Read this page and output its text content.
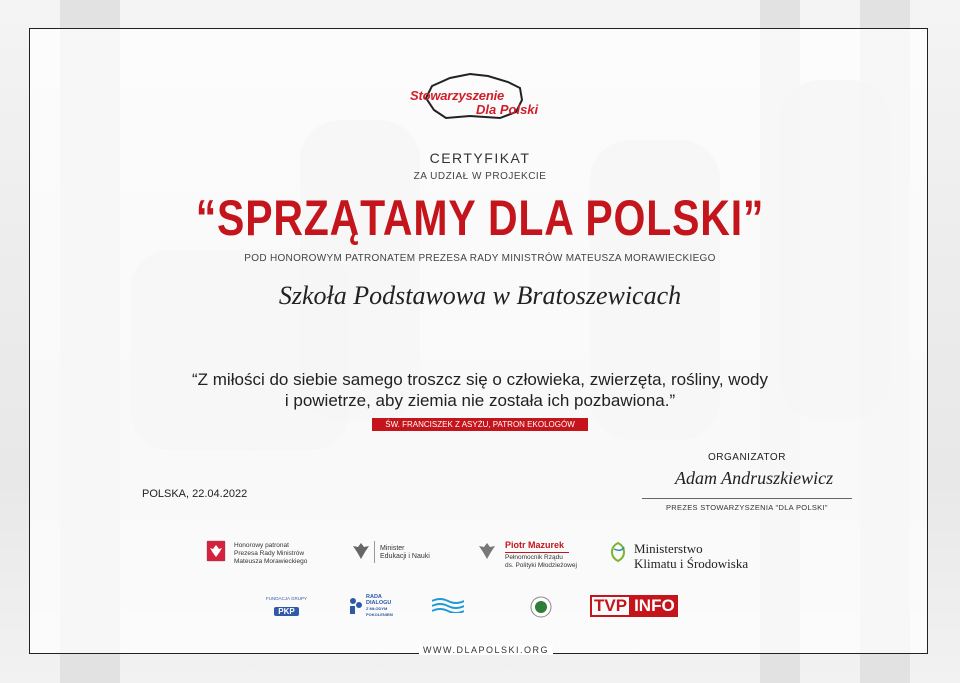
Stowarzyszenie
Dla Polski
CERTYFIKAT
ZA UDZIAŁ W PROJEKCIE
“SPRZĄTAMY DLA POLSKI”
POD HONOROWYM PATRONATEM PREZESA RADY MINISTRÓW MATEUSZA MORAWIECKIEGO
Szkoła Podstawowa w Bratoszewicach
“Z miłości do siebie samego troszcz się o człowieka, zwierzęta, rośliny, wody
i powietrze, aby ziemia nie została ich pozbawiona.”
ŚW. FRANCISZEK Z ASYŻU, PATRON EKOLOGÓW
ORGANIZATOR
Adam Andruszkiewicz
PREZES STOWARZYSZENIA "DLA POLSKI"
POLSKA, 22.04.2022
Honorowy patronat
Prezesa Rady Ministrów
Mateusza Morawieckiego
Minister
Edukacji i Nauki
Piotr Mazurek
Pełnomocnik Rządu
ds. Polityki Młodzieżowej
Ministerstwo
Klimatu i Środowiska
FUNDACJA GRUPY
PKP
RADA
DIALOGU
Z MŁODYM
POKOLENIEM	TVP INFO
WWW.DLAPOLSKI.ORG
